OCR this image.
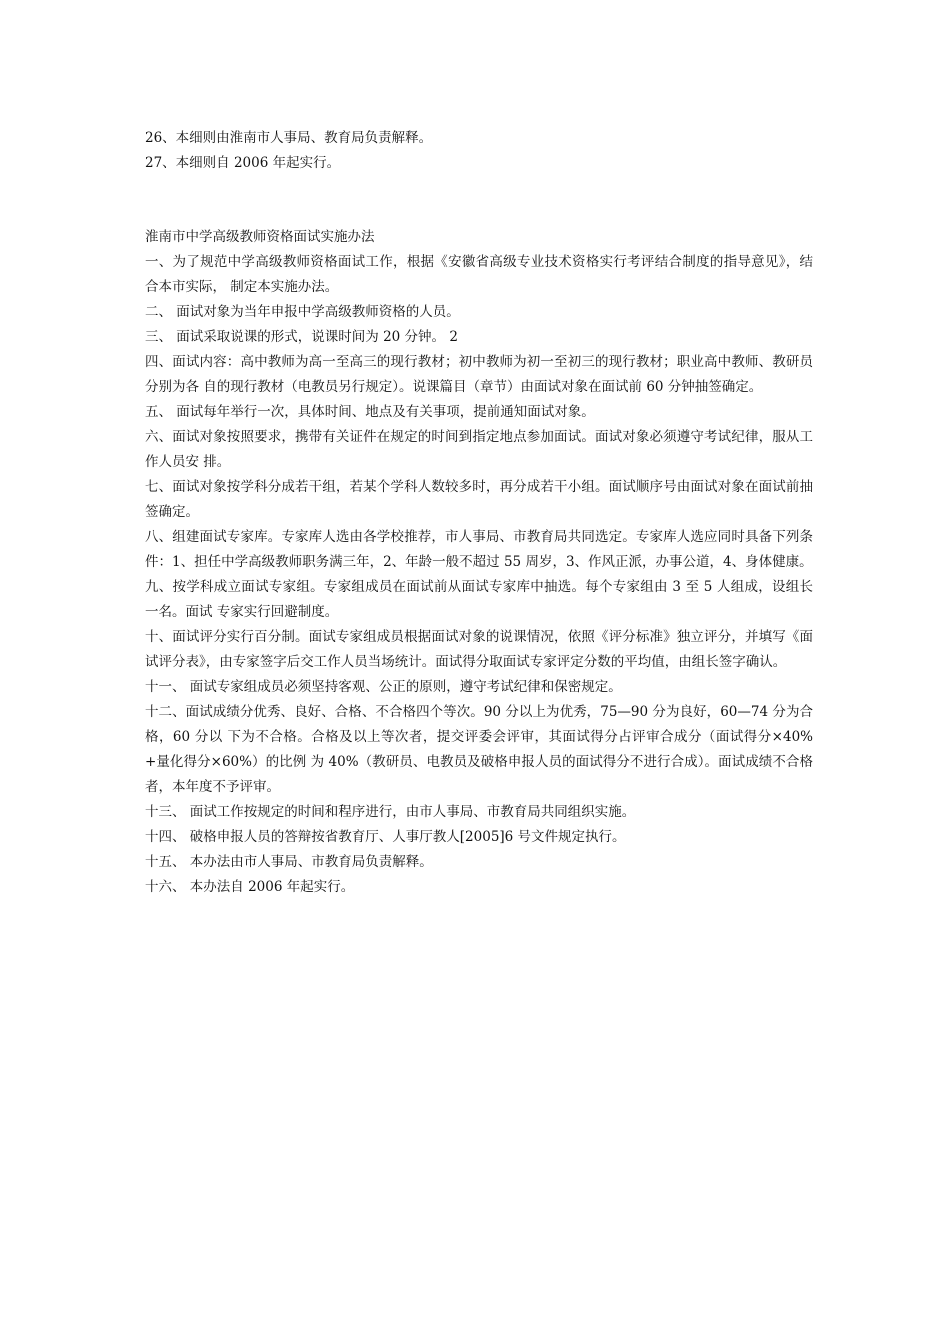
26、本细则由淮南市人事局、教育局负责解释。

27、本细则自 2006 年起实行。

淮南市中学高级教师资格面试实施办法

一、为了规范中学高级教师资格面试工作，根据《安徽省高级专业技术资格实行考评结合制度的指导意见》，结合本市实际， 制定本实施办法。

二、 面试对象为当年申报中学高级教师资格的人员。

三、 面试采取说课的形式，说课时间为 20 分钟。 2

四、面试内容：高中教师为高一至高三的现行教材；初中教师为初一至初三的现行教材；职业高中教师、教研员分别为各 自的现行教材（电教员另行规定）。说课篇目（章节）由面试对象在面试前 60 分钟抽签确定。

五、 面试每年举行一次，具体时间、地点及有关事项，提前通知面试对象。

六、面试对象按照要求，携带有关证件在规定的时间到指定地点参加面试。面试对象必须遵守考试纪律，服从工作人员安 排。

七、面试对象按学科分成若干组，若某个学科人数较多时，再分成若干小组。面试顺序号由面试对象在面试前抽签确定。

八、组建面试专家库。专家库人选由各学校推荐，市人事局、市教育局共同选定。专家库人选应同时具备下列条件：1、担任中学高级教师职务满三年，2、年龄一般不超过 55 周岁，3、作风正派，办事公道，4、身体健康。

九、按学科成立面试专家组。专家组成员在面试前从面试专家库中抽选。每个专家组由 3 至 5 人组成，设组长一名。面试 专家实行回避制度。

十、面试评分实行百分制。面试专家组成员根据面试对象的说课情况，依照《评分标准》独立评分，并填写《面试评分表》，由专家签字后交工作人员当场统计。面试得分取面试专家评定分数的平均值，由组长签字确认。

十一、 面试专家组成员必须坚持客观、公正的原则，遵守考试纪律和保密规定。

十二、面试成绩分优秀、良好、合格、不合格四个等次。90 分以上为优秀，75—90 分为良好，60—74 分为合格，60 分以 下为不合格。合格及以上等次者，提交评委会评审，其面试得分占评审合成分（面试得分×40%+量化得分×60%）的比例 为 40%（教研员、电教员及破格申报人员的面试得分不进行合成）。面试成绩不合格者，本年度不予评审。

十三、 面试工作按规定的时间和程序进行，由市人事局、市教育局共同组织实施。

十四、 破格申报人员的答辩按省教育厅、人事厅教人[2005]6 号文件规定执行。

十五、 本办法由市人事局、市教育局负责解释。

十六、 本办法自 2006 年起实行。
